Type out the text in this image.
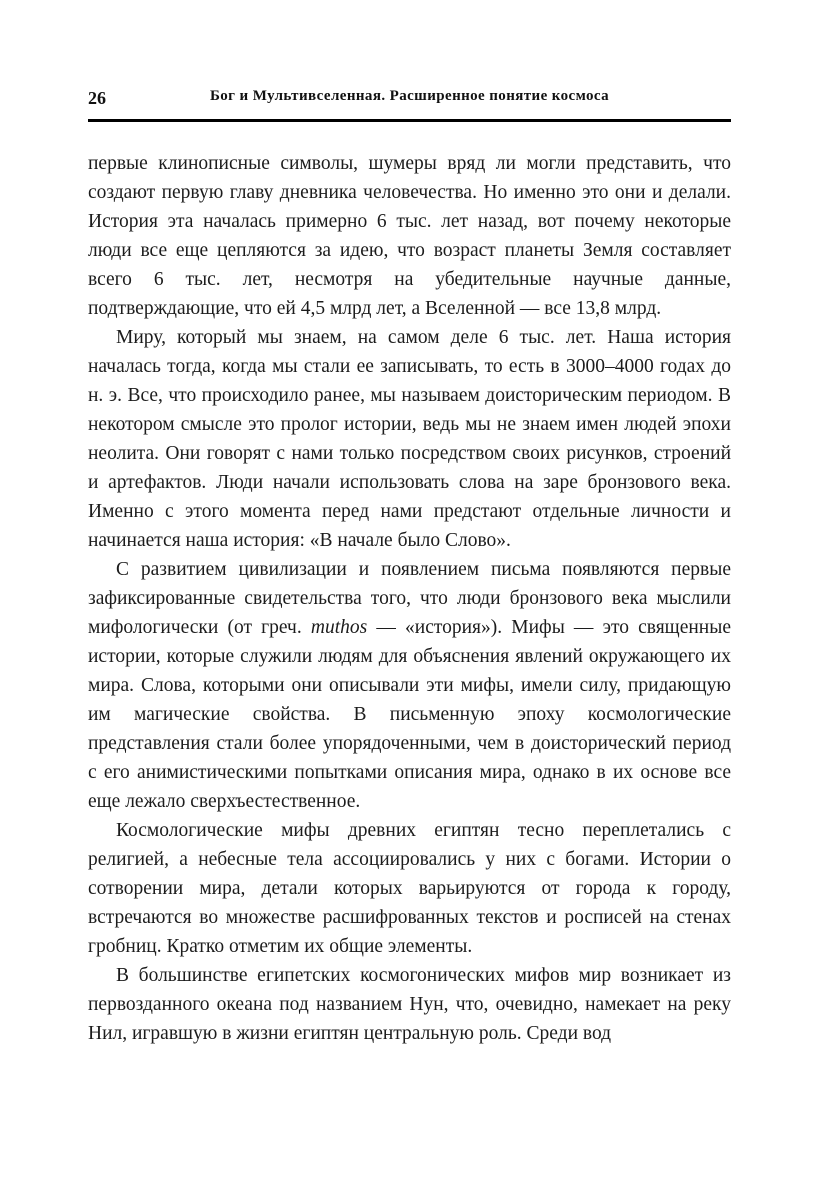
26	Бог и Мультивселенная. Расширенное понятие космоса

первые клинописные символы, шумеры вряд ли могли представить, что создают первую главу дневника человечества. Но именно это они и делали. История эта началась примерно 6 тыс. лет назад, вот почему некоторые люди все еще цепляются за идею, что возраст планеты Земля составляет всего 6 тыс. лет, несмотря на убедительные научные данные, подтверждающие, что ей 4,5 млрд лет, а Вселенной — все 13,8 млрд.

Миру, который мы знаем, на самом деле 6 тыс. лет. Наша история началась тогда, когда мы стали ее записывать, то есть в 3000–4000 годах до н. э. Все, что происходило ранее, мы называем доисторическим периодом. В некотором смысле это пролог истории, ведь мы не знаем имен людей эпохи неолита. Они говорят с нами только посредством своих рисунков, строений и артефактов. Люди начали использовать слова на заре бронзового века. Именно с этого момента перед нами предстают отдельные личности и начинается наша история: «В начале было Слово».

С развитием цивилизации и появлением письма появляются первые зафиксированные свидетельства того, что люди бронзового века мыслили мифологически (от греч. muthos — «история»). Мифы — это священные истории, которые служили людям для объяснения явлений окружающего их мира. Слова, которыми они описывали эти мифы, имели силу, придающую им магические свойства. В письменную эпоху космологические представления стали более упорядоченными, чем в доисторический период с его анимистическими попытками описания мира, однако в их основе все еще лежало сверхъестественное.

Космологические мифы древних египтян тесно переплетались с религией, а небесные тела ассоциировались у них с богами. Истории о сотворении мира, детали которых варьируются от города к городу, встречаются во множестве расшифрованных текстов и росписей на стенах гробниц. Кратко отметим их общие элементы.

В большинстве египетских космогонических мифов мир возникает из первозданного океана под названием Нун, что, очевидно, намекает на реку Нил, игравшую в жизни египтян центральную роль. Среди вод
